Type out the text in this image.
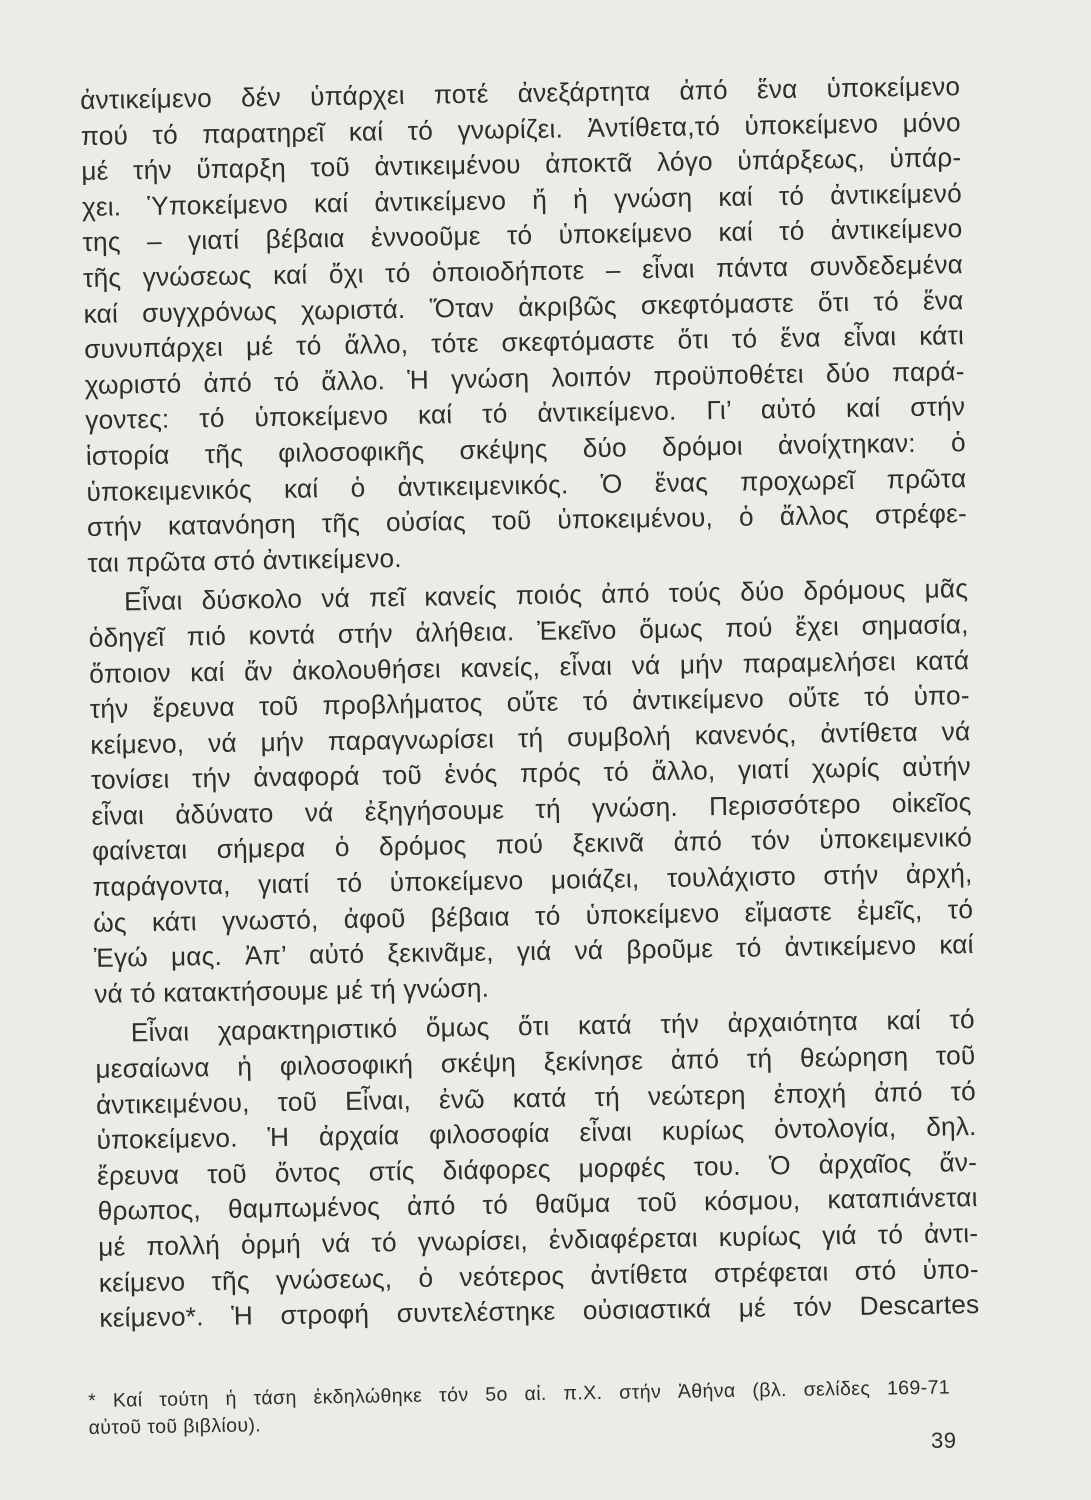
ἀντικείμενο δέν ὑπάρχει ποτέ ἀνεξάρτητα ἀπό ἕνα ὑποκείμενο
πού τό παρατηρεῖ καί τό γνωρίζει. Ἀντίθετα,τό ὑποκείμενο μόνο
μέ τήν ὕπαρξη τοῦ ἀντικειμένου ἀποκτᾶ λόγο ὑπάρξεως, ὑπάρ-
χει. Ὑποκείμενο καί ἀντικείμενο ἤ ἡ γνώση καί τό ἀντικείμενό
της – γιατί βέβαια ἐννοοῦμε τό ὑποκείμενο καί τό ἀντικείμενο
τῆς γνώσεως καί ὄχι τό ὁποιοδήποτε – εἶναι πάντα συνδεδεμένα
καί συγχρόνως χωριστά. Ὅταν ἀκριβῶς σκεφτόμαστε ὅτι τό ἕνα
συνυπάρχει μέ τό ἄλλο, τότε σκεφτόμαστε ὅτι τό ἕνα εἶναι κάτι
χωριστό ἀπό τό ἄλλο. Ἡ γνώση λοιπόν προϋποθέτει δύο παρά-
γοντες: τό ὑποκείμενο καί τό ἀντικείμενο. Γι’ αὐτό καί στήν
ἱστορία τῆς φιλοσοφικῆς σκέψης δύο δρόμοι ἀνοίχτηκαν: ὁ
ὑποκειμενικός καί ὁ ἀντικειμενικός. Ὁ ἕνας προχωρεῖ πρῶτα
στήν κατανόηση τῆς οὐσίας τοῦ ὑποκειμένου, ὁ ἄλλος στρέφε-
ται πρῶτα στό ἀντικείμενο.
Εἶναι δύσκολο νά πεῖ κανείς ποιός ἀπό τούς δύο δρόμους μᾶς
ὁδηγεῖ πιό κοντά στήν ἀλήθεια. Ἐκεῖνο ὅμως πού ἔχει σημασία,
ὅποιον καί ἄν ἀκολουθήσει κανείς, εἶναι νά μήν παραμελήσει κατά
τήν ἔρευνα τοῦ προβλήματος οὔτε τό ἀντικείμενο οὔτε τό ὑπο-
κείμενο, νά μήν παραγνωρίσει τή συμβολή κανενός, ἀντίθετα νά
τονίσει τήν ἀναφορά τοῦ ἑνός πρός τό ἄλλο, γιατί χωρίς αὐτήν
εἶναι ἀδύνατο νά ἐξηγήσουμε τή γνώση. Περισσότερο οἰκεῖος
φαίνεται σήμερα ὁ δρόμος πού ξεκινᾶ ἀπό τόν ὑποκειμενικό
παράγοντα, γιατί τό ὑποκείμενο μοιάζει, τουλάχιστο στήν ἀρχή,
ὡς κάτι γνωστό, ἀφοῦ βέβαια τό ὑποκείμενο εἴμαστε ἐμεῖς, τό
Ἐγώ μας. Ἀπ’ αὐτό ξεκινᾶμε, γιά νά βροῦμε τό ἀντικείμενο καί
νά τό κατακτήσουμε μέ τή γνώση.
Εἶναι χαρακτηριστικό ὅμως ὅτι κατά τήν ἀρχαιότητα καί τό
μεσαίωνα ἡ φιλοσοφική σκέψη ξεκίνησε ἀπό τή θεώρηση τοῦ
ἀντικειμένου, τοῦ Εἶναι, ἐνῶ κατά τή νεώτερη ἐποχή ἀπό τό
ὑποκείμενο. Ἡ ἀρχαία φιλοσοφία εἶναι κυρίως ὀντολογία, δηλ.
ἔρευνα τοῦ ὄντος στίς διάφορες μορφές του. Ὁ ἀρχαῖος ἄν-
θρωπος, θαμπωμένος ἀπό τό θαῦμα τοῦ κόσμου, καταπιάνεται
μέ πολλή ὁρμή νά τό γνωρίσει, ἐνδιαφέρεται κυρίως γιά τό ἀντι-
κείμενο τῆς γνώσεως, ὁ νεότερος ἀντίθετα στρέφεται στό ὑπο-
κείμενο*. Ἡ στροφή συντελέστηκε οὐσιαστικά μέ τόν Descartes
* Καί τούτη ἡ τάση ἐκδηλώθηκε τόν 5ο αἰ. π.Χ. στήν Ἀθήνα (βλ. σελίδες 169-71
αὐτοῦ τοῦ βιβλίου).
39
